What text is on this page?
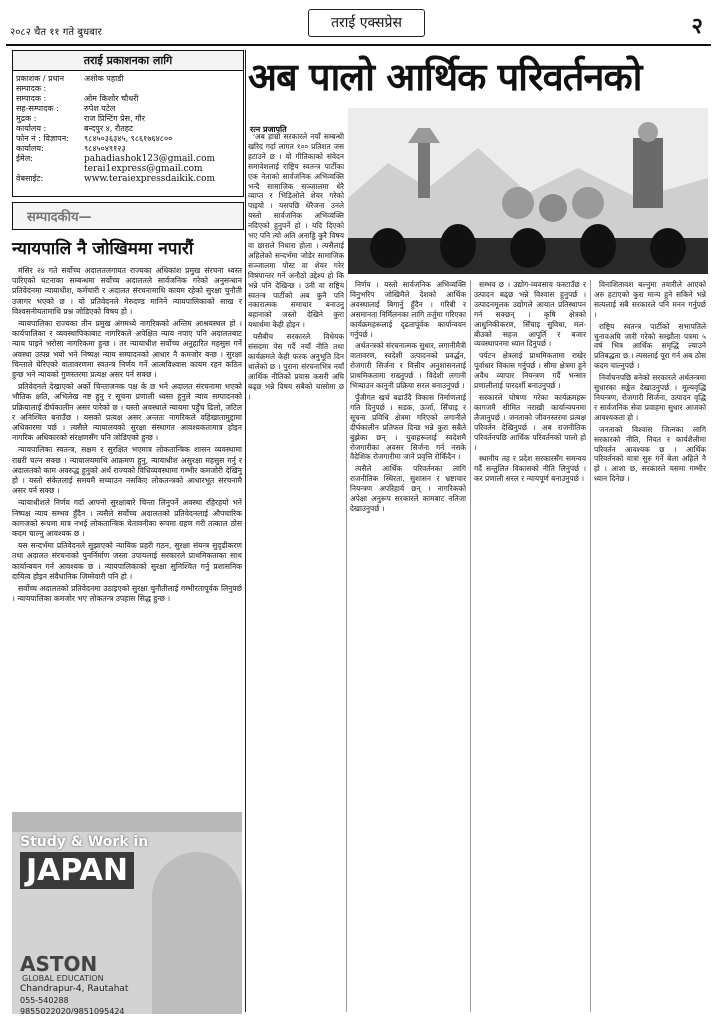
२०८२ चैत ११ गते बुधबार
तराई एक्सप्रेस	२
तराई प्रकाशनका लागि
प्रकाशक / प्रधान सम्पादक :	अशोक पहाडी
सम्पादक :	ओम किशोर चौधरी
सह-सम्पादक :	रुपेश पटेल
मुद्रक :	राज प्रिन्टिंग प्रेस, गौर
कार्यालय :	बन्दपुर ४, रौतहट
फोन नं : विज्ञापन:	९८४५०३६३४५, ९८६१७६४८००
कार्यालय:	९८४५०४९१२३
ईमेल:	pahadiashok123@gmail.com
terai1express@gmail.com

वेबसाईट:	www.teraiexpressdaikik.com
सम्पादकीय—
न्यायपालि नै जोखिममा नपारौं

मंसिर २४ गते सर्वोच्च अदालतलगायत राज्यका अधिकांश प्रमुख संरचना ध्वस्त पारिएको घटनाका सम्बन्धमा सर्वोच्च अदालतले सार्वजनिक गरेको अनुसन्धान प्रतिवेदनमा न्यायाधीश, कर्मचारी र अदालत संरचनामाथि कायम रहेको सुरक्षा चुनौती उजागर भएको छ । यो प्रतिवेदनले मेरुदण्ड मानिने न्यायपालिकाको साख र विश्वसनीयतामाथि प्रश्न जोडिएको विषय हो ।

न्यायपालिका राज्यका तीन प्रमुख अंगमध्ये नागरिकको अन्तिम आश्रयस्थल हो । कार्यपालिका र व्यवस्थापिकाबाट नागरिकले अपेक्षित न्याय नपाए पनि अदालतबाट न्याय पाइने भरोसा नागरिकमा हुन्छ । तर न्यायाधीश सर्वोच्च अनुहारित महसुस गर्ने अवस्था उत्पन्न भयो भने निष्पक्ष न्याय सम्पादनको आधार नै कमजोर बन्छ । सुरक्षा चिन्ताले घेरिएको वातावरणमा स्वतन्त्र निर्णय गर्ने आत्मविश्वास कायम रहन कठिन हुन्छ भने न्यायको गुणस्तरमा प्रत्यक्ष असर पर्न सक्छ ।

प्रतिवेदनले देखाएको अर्को चिन्ताजनक पक्ष के छ भने अदालत संरचनामा भएको भौतिक क्षति, अभिलेख नष्ट हुनु र सूचना प्रणाली ध्वस्त हुनुले न्याय सम्पादनको प्रक्रियालाई दीर्घकालीन असर पारेको छ । यस्तो अवस्थाले न्यायमा पहुँच ढिलो, जटिल र अनिश्चित बनाउँछ । यसको प्रत्यक्ष असर अन्ततः नागरिकले वहिखातामुद्दामा अधिकारमा पर्छ । त्यसैले न्यायालयको सुरक्षा संस्थागत आवश्यकतामात्र होइन नागरिक अधिकारको संरक्षणसँग पनि जोडिएको हुन्छ ।

न्यायपालिका स्वतन्त्र, सक्षम र सुरक्षित भएमात्र लोकतान्त्रिक शासन व्यवस्थामा राम्ररी चल्न सक्छ । न्यायालयमाथि आक्रमण हुनु, न्यायाधीश असुरक्षा महसुस गर्नु र अदालतको काम अवरुद्ध हुनुको अर्थ राज्यको विधिव्यवस्थामा गम्भीर कमजोरी देखिनु हो । यस्तो संकेतलाई समयमै सच्याउन नसकिए लोकतन्त्रको आधारभूत संरचनामै असर पर्न सक्छ ।

न्यायाधीशले निर्णय गर्दा आफ्नो सुरक्षाबारे चिन्ता लिनुपर्ने अवस्था रहिरहयो भने निष्पक्ष न्याय सम्भव हुँदैन । त्यसैले सर्वोच्च अदालतको प्रतिवेदनलाई औपचारिक कागजको रूपमा मात्र नभई लोकतान्त्रिक चेतावनीका रूपमा ग्रहण गरी तत्काल ठोस कदम चाल्नु आवश्यक छ ।

यस सन्दर्भमा प्रतिवेदनले सुझाएको न्यायिक प्रहरी गठन, सुरक्षा संयन्त्र सुदृढीकरण तथा अदालत संरचनाको पुनर्निर्माण जस्ता उपायलाई सरकारले प्राथमिकताका साथ कार्यान्वयन गर्न आवश्यक छ । न्यायपालिकाको सुरक्षा सुनिश्चित गर्नु प्रशासनिक दायित्व होइन संवैधानिक जिम्मेवारी पनि हो ।

सर्वोच्च अदालतको प्रतिवेदनमा उठाइएको सुरक्षा चुनौतीलाई गम्भीरतापूर्वक लिनुपर्छ । न्यायपालिका कमजोर भए लोकतन्त्र उपहास सिद्ध हुन्छ ।

Study & Work in
JAPAN
ASTON
GLOBAL EDUCATION
Chandrapur-4, Rautahat
055-540288
9855022020/9851095424
अब पालो आर्थिक परिवर्तनको
रत्न प्रजापति

'अब हाम्रो सरकारले नयाँ सम्बन्धी खरिद गर्दा लागत १०० प्रतिशत जस हटाउने छ । यो गीतिकाको संवेदन समावेशलाई राष्ट्रिय स्वतन्त्र पार्टीका एक नेताको सार्वजनिक अभिव्यक्ति भन्दै सामाजिक सञ्जालमा धेरै व्याप्त र भिडिओले शेयर गरेको पाइयो । यसपछि धेरैजना उनले यस्तो सार्वजनिक अभिव्यक्ति नदिएको हुनुपर्ने हो । यदि दिएको भए पनि त्यो अति अनाड्डि कुरै विषय वा छाराले निधारा होला । त्यसैलाई अहिलेको सन्दर्भमा जोडेर सामाजिक सञ्जालमा पोस्ट वा शेयर गरेर विषयान्तर गर्ने अनौठो उद्देश्य हो कि भन्ने पनि देखिन्छ । उनी वा राष्ट्रिय स्वतन्त्र पार्टीको अब कुनै पनि नकारात्मक समाचार बनाउनु बहानाको जस्तो देखिने कुरा यथार्थमा केही होइन ।

यसैबीच सरकारले विधेयक संसदमा पेस गर्दै नयाँ नीति तथा कार्यक्रमले केही फरक अनुभूति दिन थालेको छ । पुराना संरचनाभित्र नयाँ आर्थिक नीतिको प्रयास कसरी अघि बढ्छ भन्ने विषय सबैको चासोमा छ ।

निर्णय । यस्तो सार्वजनिक अभिव्यक्ति विनुभरिप जोखिमैले देशको आर्थिक अवस्थालाई बिगार्नु हुँदैन । गरिबी र असमानता निर्मिलनका लागि तर्जुमा गरिएका कार्यक्रमहरूलाई दृढतापूर्वक कार्यान्वयन गर्नुपर्छ ।

अर्थतन्त्रको संरचनात्मक सुधार, लगानीमैत्री वातावरण, स्वदेशी उत्पादनको प्रवर्द्धन, रोजगारी सिर्जना र वित्तीय अनुशासनलाई प्राथमिकतामा राख्नुपर्छ । विदेशी लगानी भित्र्याउन कानुनी प्रक्रिया सरल बनाउनुपर्छ ।

पुँजीगत खर्च बढाउँदै विकास निर्माणलाई गति दिनुपर्छ । सडक, ऊर्जा, सिँचाइ र सूचना प्रविधि क्षेत्रमा गरिएको लगानीले दीर्घकालीन प्रतिफल दिन्छ भन्ने कुरा सबैले बुझेका छन् । युवाहरूलाई स्वदेशमै रोजगारीका अवसर सिर्जना गर्न नसके वैदेशिक रोजगारीमा जाने प्रवृत्ति रोकिँदैन ।

त्यसैले आर्थिक परिवर्तनका लागि राजनीतिक स्थिरता, सुशासन र भ्रष्टाचार नियन्त्रण अपरिहार्य छन् । नागरिकको अपेक्षा अनुरूप सरकारले कामबाट नतिजा देखाउनुपर्छ ।

सम्भव छ । उद्योग-व्यवसाय फस्टाउँछ र उत्पादन बढ्छ भन्ने विश्वास हुनुपर्छ । उत्पादनमूलक उद्योगले आयात प्रतिस्थापन गर्न सक्छन् । कृषि क्षेत्रको आधुनिकीकरण, सिँचाइ सुविधा, मल-बीउको सहज आपूर्ति र बजार व्यवस्थापनमा ध्यान दिनुपर्छ ।

पर्यटन क्षेत्रलाई प्राथमिकतामा राखेर पूर्वाधार विकास गर्नुपर्छ । सीमा क्षेत्रमा हुने अवैध व्यापार नियन्त्रण गर्दै भन्सार प्रणालीलाई पारदर्शी बनाउनुपर्छ ।

सरकारले घोषणा गरेका कार्यक्रमहरू कागजमै सीमित नराखी कार्यान्वयनमा लैजानुपर्छ । जनताको जीवनस्तरमा प्रत्यक्ष परिवर्तन देखिनुपर्छ । अब राजनीतिक परिवर्तनपछि आर्थिक परिवर्तनको पालो हो ।

स्थानीय तह र प्रदेश सरकारसँग समन्वय गर्दै सन्तुलित विकासको नीति लिनुपर्छ । कर प्रणाली सरल र न्यायपूर्ण बनाउनुपर्छ ।

विनाशितावश बल्नुमा तयारीले आएको अरु हटाएको कुरा मान्य हुने सकिने भन्ने सत्यलाई सबै सरकारले पनि मनन गर्नुपर्छ ।

राष्ट्रिय स्वतन्त्र पार्टीको सभापतिले चुनावअघि जारी गरेको सम्झौता पत्रमा ५ वर्ष भित्र आर्थिक समृद्धि ल्याउने प्रतिबद्धता छ । त्यसलाई पूरा गर्न अब ठोस कदम चाल्नुपर्छ ।

निर्वाचनपछि बनेको सरकारले अर्थतन्त्रमा सुधारका सङ्केत देखाउनुपर्छ । मूल्यवृद्धि नियन्त्रण, रोजगारी सिर्जना, उत्पादन वृद्धि र सार्वजनिक सेवा प्रवाहमा सुधार आजको आवश्यकता हो ।

जनताको विश्वास जित्नका लागि सरकारको नीति, नियत र कार्यशैलीमा परिवर्तन आवश्यक छ । आर्थिक परिवर्तनको यात्रा सुरु गर्ने बेला अहिले नै हो । आशा छ, सरकारले यसमा गम्भीर ध्यान दिनेछ ।
